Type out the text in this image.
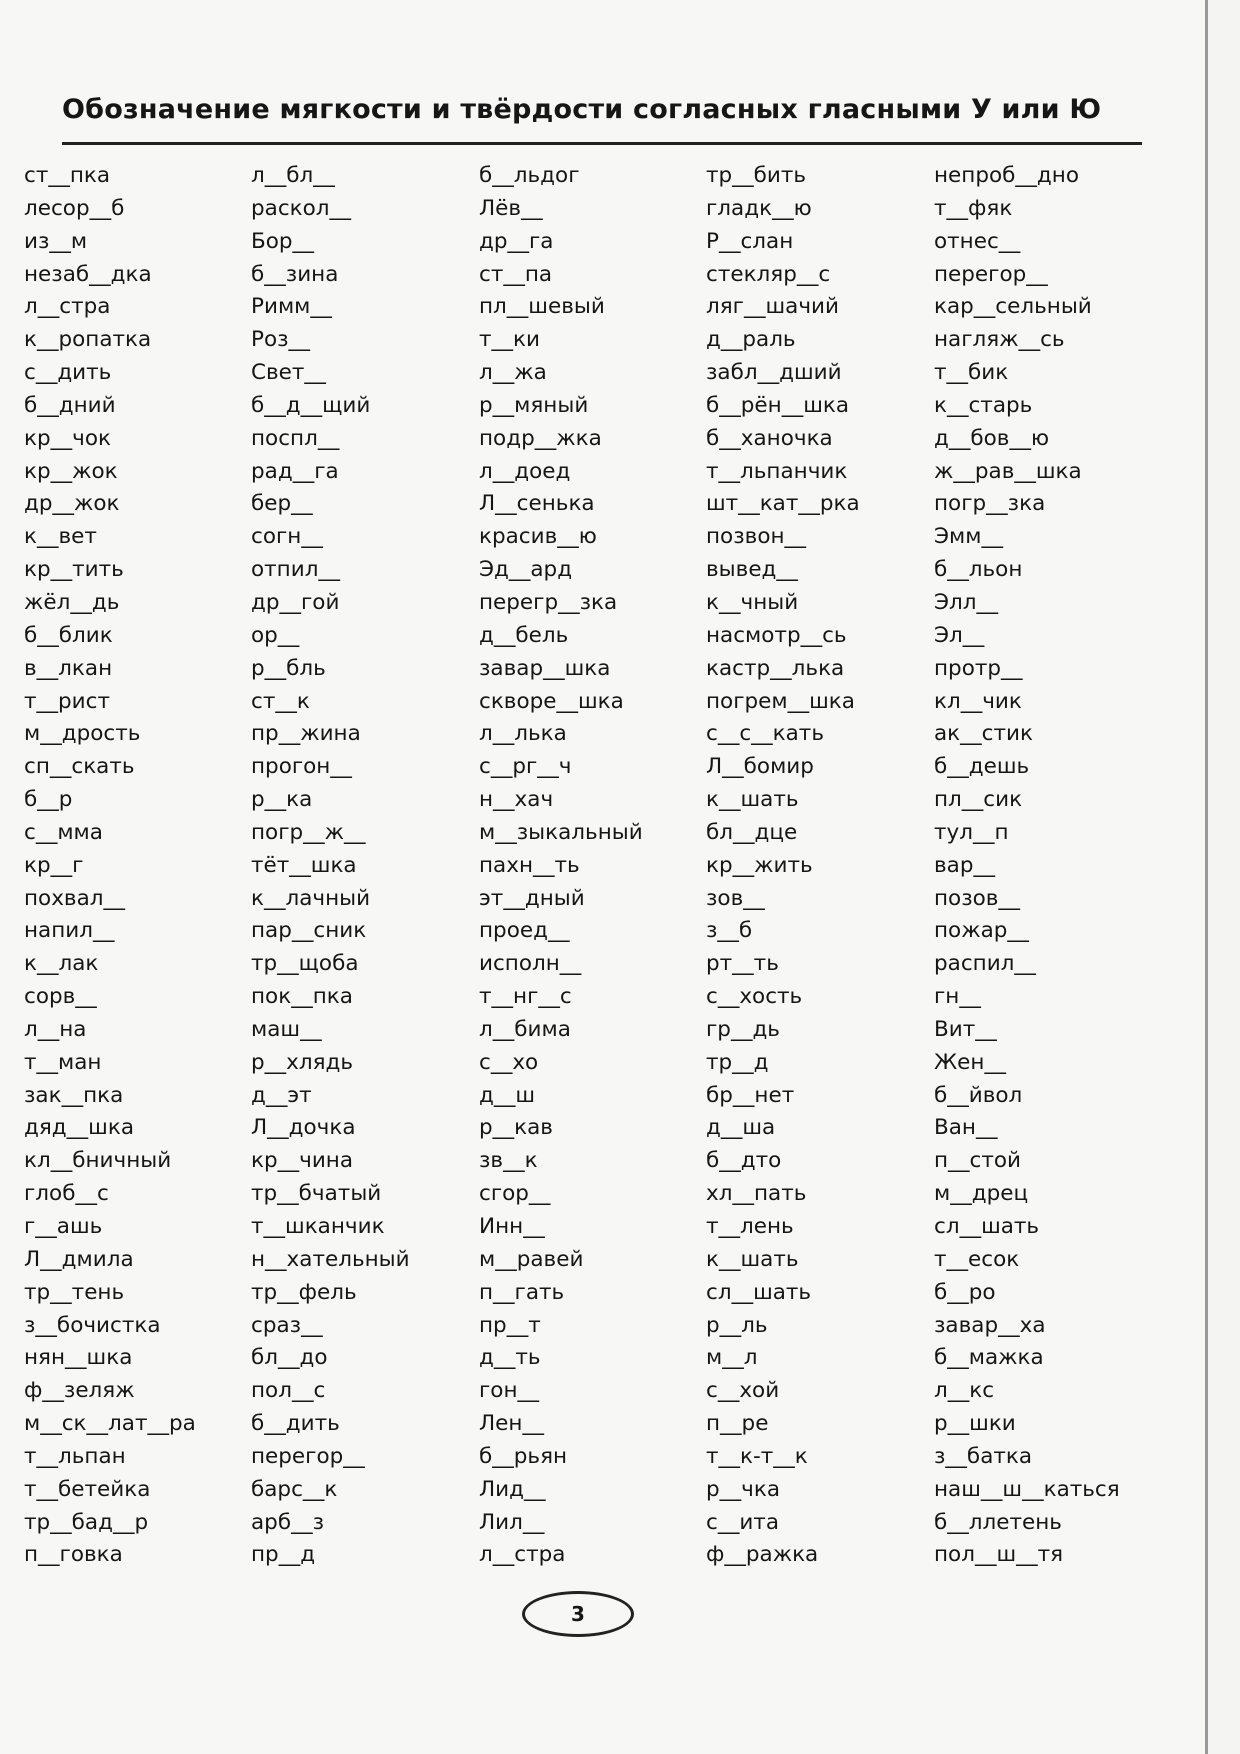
Обозначение мягкости и твёрдости согласных гласными У или Ю
ст__пка
лесор__б
из__м
незаб__дка
л__стра
к__ропатка
с__дить
б__дний
кр__чок
кр__жок
др__жок
к__вет
кр__тить
жёл__дь
б__блик
в__лкан
т__рист
м__дрость
сп__скать
б__р
с__мма
кр__г
похвал__
напил__
к__лак
сорв__
л__на
т__ман
зак__пка
дяд__шка
кл__бничный
глоб__с
г__ашь
Л__дмила
тр__тень
з__бочистка
нян__шка
ф__зеляж
м__ск__лат__ра
т__льпан
т__бетейка
тр__бад__р
п__говка
л__бл__
раскол__
Бор__
б__зина
Римм__
Роз__
Свет__
б__д__щий
поспл__
рад__га
бер__
согн__
отпил__
др__гой
ор__
р__бль
ст__к
пр__жина
прогон__
р__ка
погр__ж__
тёт__шка
к__лачный
пар__сник
тр__щоба
пок__пка
маш__
р__хлядь
д__эт
Л__дочка
кр__чина
тр__бчатый
т__шканчик
н__хательный
тр__фель
сраз__
бл__до
пол__с
б__дить
перегор__
барс__к
арб__з
пр__д
б__льдог
Лёв__
др__га
ст__па
пл__шевый
т__ки
л__жа
р__мяный
подр__жка
л__доед
Л__сенька
красив__ю
Эд__ард
перегр__зка
д__бель
завар__шка
скворе__шка
л__лька
с__рг__ч
н__хач
м__зыкальный
пахн__ть
эт__дный
проед__
исполн__
т__нг__с
л__бима
с__хо
д__ш
р__кав
зв__к
сгор__
Инн__
м__равей
п__гать
пр__т
д__ть
гон__
Лен__
б__рьян
Лид__
Лил__
л__стра
тр__бить
гладк__ю
Р__слан
стекляр__с
ляг__шачий
д__раль
забл__дший
б__рён__шка
б__ханочка
т__льпанчик
шт__кат__рка
позвон__
вывед__
к__чный
насмотр__сь
кастр__лька
погрем__шка
с__с__кать
Л__бомир
к__шать
бл__дце
кр__жить
зов__
з__б
рт__ть
с__хость
гр__дь
тр__д
бр__нет
д__ша
б__дто
хл__пать
т__лень
к__шать
сл__шать
р__ль
м__л
с__хой
п__ре
т__к-т__к
р__чка
с__ита
ф__ражка
непроб__дно
т__фяк
отнес__
перегор__
кар__сельный
нагляж__сь
т__бик
к__старь
д__бов__ю
ж__рав__шка
погр__зка
Эмм__
б__льон
Элл__
Эл__
протр__
кл__чик
ак__стик
б__дешь
пл__сик
тул__п
вар__
позов__
пожар__
распил__
гн__
Вит__
Жен__
б__йвол
Ван__
п__стой
м__дрец
сл__шать
т__есок
б__ро
завар__ха
б__мажка
л__кс
р__шки
з__батка
наш__ш__каться
б__ллетень
пол__ш__тя
3
